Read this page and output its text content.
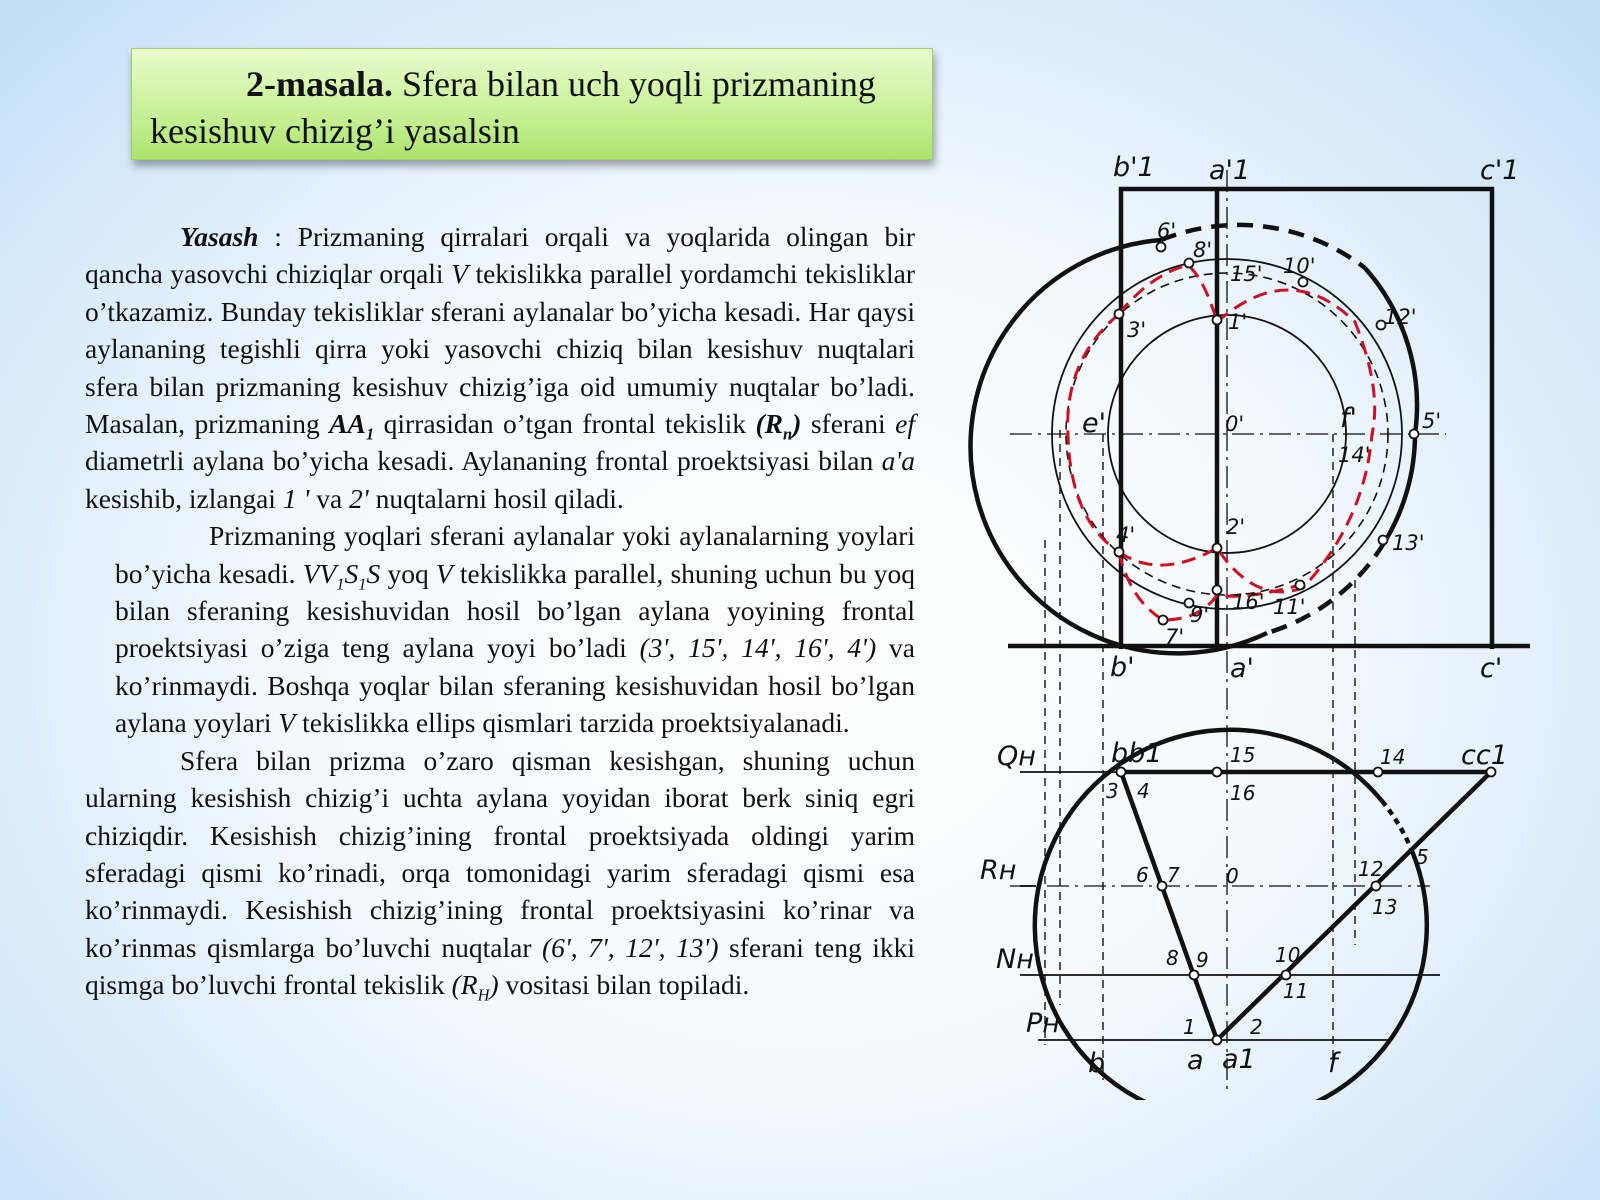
2-masala. Sfera bilan uch yoqli prizmaning
kesishuv chizig’i yasalsin

Yasash : Prizmaning qirralari orqali va yoqlarida olingan bir qancha yasovchi chiziqlar orqali V tekislikka parallel yordamchi tekisliklar o’tkazamiz. Bunday tekisliklar sferani aylanalar bo’yicha kesadi. Har qaysi aylananing tegishli qirra yoki yasovchi chiziq bilan kesishuv nuqtalari sfera bilan prizmaning kesishuv chizig’iga oid umumiy nuqtalar bo’ladi. Masalan, prizmaning $AA_1$ qirrasidan o’tgan frontal tekislik $(R_n)$ sferani ef diametrli aylana bo’yicha kesadi. Aylananing frontal proektsiyasi bilan a'a kesishib, izlangai 1 ' va 2' nuqtalarni hosil qiladi.

Prizmaning yoqlari sferani aylanalar yoki aylanalarning yoylari bo’yicha kesadi. $VV_1S_1S$ yoq V tekislikka parallel, shuning uchun bu yoq bilan sferaning kesishuvidan hosil bo’lgan aylana yoyining frontal proektsiyasi o’ziga teng aylana yoyi bo’ladi (3', 15', 14', 16', 4') va ko’rinmaydi. Boshqa yoqlar bilan sferaning kesishuvidan hosil bo’lgan aylana yoylari V tekislikka ellips qismlari tarzida proektsiyalanadi.

Sfera bilan prizma o’zaro qisman kesishgan, shuning uchun ularning kesishish chizig’i uchta aylana yoyidan iborat berk siniq egri chiziqdir. Kesishish chizig’ining frontal proektsiyada oldingi yarim sferadagi qismi ko’rinadi, orqa tomonidagi yarim sferadagi qismi esa ko’rinmaydi. Kesishish chizig’ining frontal proektsiyasini ko’rinar va ko’rinmas qismlarga bo’luvchi nuqtalar (6', 7', 12', 13') sferani teng ikki qismga bo’luvchi frontal tekislik $(R_H)$ vositasi bilan topiladi.

b'1 a'1	c'1
b'	a'	c'
0'
e'	f'
1'
2'
3'
4'
5'
6'
7'
8'
9'
10'
11'
12'
13'
14'
15'
16'
Qн
Rн
Nн
Pн
bb1	cc1
0
b	a a1	f
1	2
3 4
5
6 7
8 9	10
11
12
13
14
15
16
